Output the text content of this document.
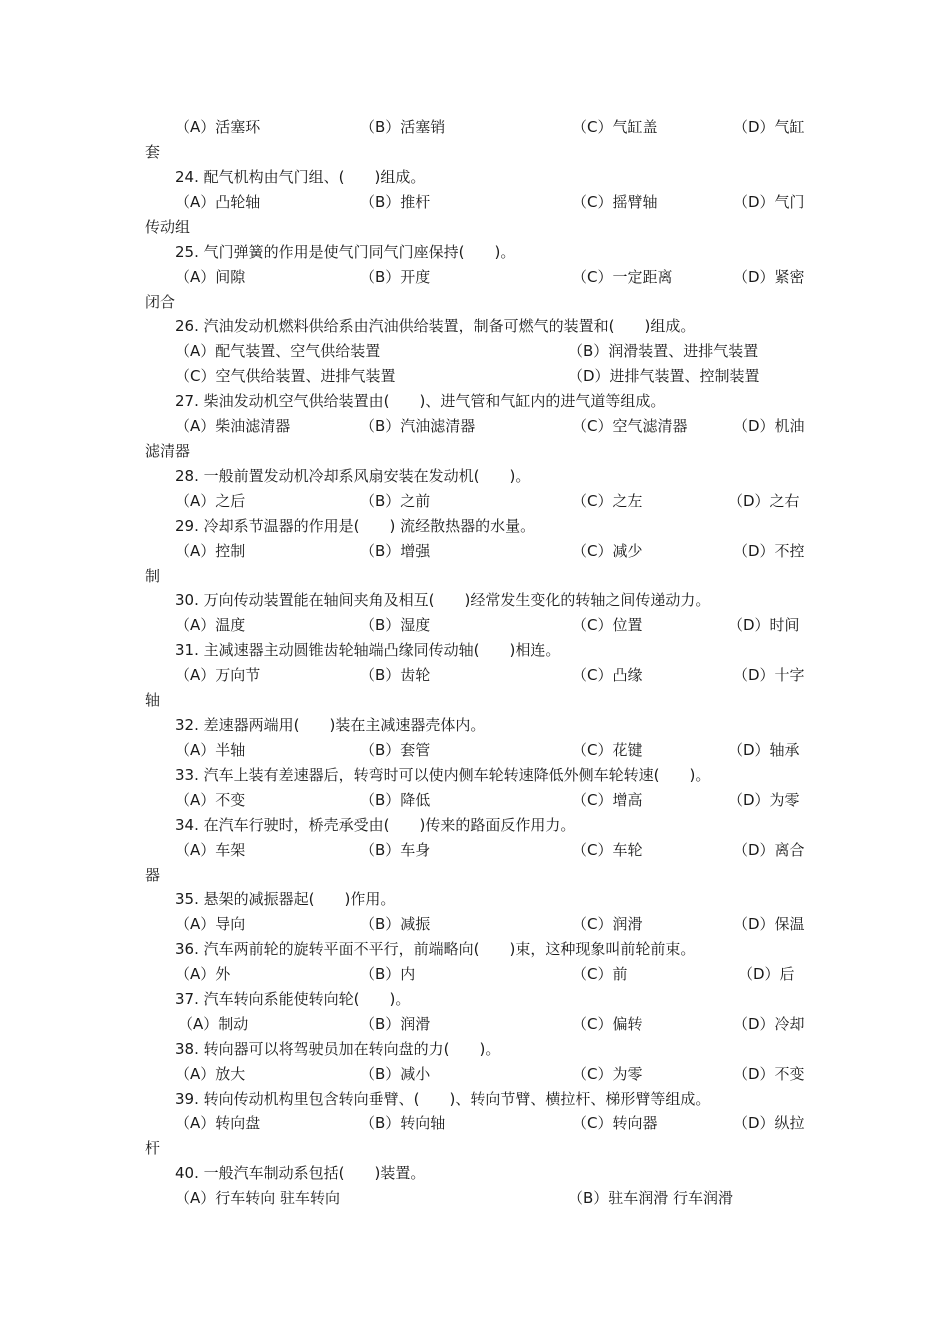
（A）活塞环	（B）活塞销	（C）气缸盖	（D）气缸
套
24. 配气机构由气门组、(　　)组成。
（A）凸轮轴	（B）推杆	（C）摇臂轴	（D）气门
传动组
25. 气门弹簧的作用是使气门同气门座保持(　　)。
（A）间隙	（B）开度	（C）一定距离	（D）紧密
闭合
26. 汽油发动机燃料供给系由汽油供给装置，制备可燃气的装置和(　　)组成。
（A）配气装置、空气供给装置	（B）润滑装置、进排气装置
（C）空气供给装置、进排气装置	（D）进排气装置、控制装置
27. 柴油发动机空气供给装置由(　　)、进气管和气缸内的进气道等组成。
（A）柴油滤清器	（B）汽油滤清器	（C）空气滤清器	（D）机油
滤清器
28. 一般前置发动机冷却系风扇安装在发动机(　　)。
（A）之后	（B）之前	（C）之左	（D）之右
29. 冷却系节温器的作用是(　　) 流经散热器的水量。
（A）控制	（B）增强	（C）减少	（D）不控
制
30. 万向传动装置能在轴间夹角及相互(　　)经常发生变化的转轴之间传递动力。
（A）温度	（B）湿度	（C）位置	（D）时间
31. 主减速器主动圆锥齿轮轴端凸缘同传动轴(　　)相连。
（A）万向节	（B）齿轮	（C）凸缘	（D）十字
轴
32. 差速器两端用(　　)装在主减速器壳体内。
（A）半轴	（B）套管	（C）花键	（D）轴承
33. 汽车上装有差速器后，转弯时可以使内侧车轮转速降低外侧车轮转速(　　)。
（A）不变	（B）降低	（C）增高	（D）为零
34. 在汽车行驶时，桥壳承受由(　　)传来的路面反作用力。
（A）车架	（B）车身	（C）车轮	（D）离合
器
35. 悬架的减振器起(　　)作用。
（A）导向	（B）减振	（C）润滑	（D）保温
36. 汽车两前轮的旋转平面不平行，前端略向(　　)束，这种现象叫前轮前束。
（A）外	（B）内	（C）前	（D）后
37. 汽车转向系能使转向轮(　　)。
（A）制动	（B）润滑	（C）偏转	（D）冷却
38. 转向器可以将驾驶员加在转向盘的力(　　)。
（A）放大	（B）减小	（C）为零	（D）不变
39. 转向传动机构里包含转向垂臂、(　　)、转向节臂、横拉杆、梯形臂等组成。
（A）转向盘	（B）转向轴	（C）转向器	（D）纵拉
杆
40. 一般汽车制动系包括(　　)装置。
（A）行车转向 驻车转向	（B）驻车润滑 行车润滑
